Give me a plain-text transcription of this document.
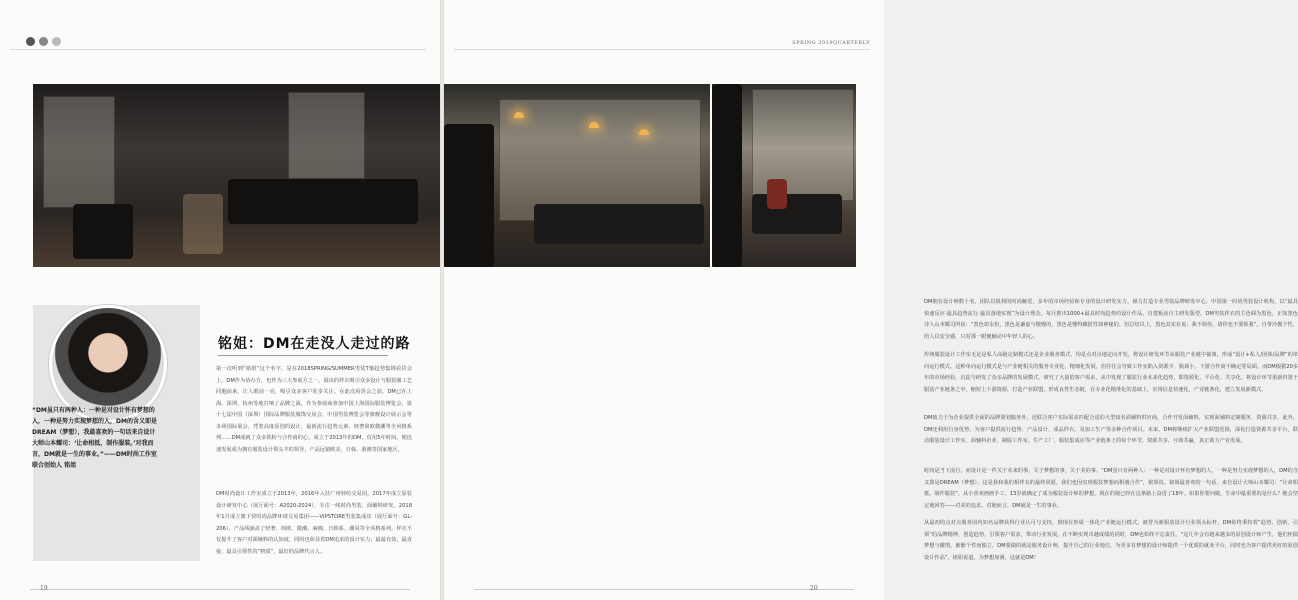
“DM虽只有两种人：一种是对设计怀有梦想的人，一种是努力实现梦想的人，DM的含义即是DREAM（梦想），我最喜欢的一句话来自设计大师山本耀司：‘让命相抵，制作服装。’对我而言，DM就是一生的事业。”——DM时尚工作室联合创始人 铭姐
铭姐：DM在走没人走过的路

第一次听到“铭姐”这个名字，是在2018SPRING/SUMMER男装T恤趋势集锦看货会上，DM作为协办方，也作为三大参展方之一，展出的样衣吸引众多设计与服装圈工艺同胞前来，让人眼前一亮，吸引众多客户驻步关注。在此次看货会之前，DM已在上海、深圳、杭州等地打响了品牌之战，作为参展商参加中国上海国际服装博览会、第十七届中国（深圳）国际品牌服装服饰交易会、中国男装博览会等旗舰设计展示会等多场国际展会，凭着高度原创的设计，最新流行趋势元素、轻奢简欧微潮等全风格系列……DM成就了众多铁粉与合作商的心，成立于2013年的DM，仅用5年时间，便迅速发展成为拥有服装设计领头羊的领导，产品远销欧美、日韩、港澳等国家地区。

DM时尚设计工作室成立于2013年，2016年入驻广州轻纺交易园，2017年成立原装设计研发中心（展厅面号：A2020-2024），专注一线时尚男装、面辅料研发。2018年1月成立旗下快时尚品牌环球交易集团——VIPSTORE男装集成店（展厅面号：GL-206），产品线涵盖了轻奢、简欧、微潮、麻棉、日韩系、潮风等全风格系列。样衣不仅提升了客户对面辅料的认知度，同时也彰显着DM追求的设计实力，最最有效，最直接，最具引领性的“物质”，最好的品牌代言人。

19
SPRING 2019QUARTERLY

DM拥有设计师数十名，团队以锐利的时尚触觉，多年的市场经验和专业的设计研发实力，倾力打造专业男装品牌研发中心，中国第一时尚男装设计机构，以“最具快速反应·最具趋势流行·最具落地实现”为设计理念，每月推出1000+最具时尚趋势的设计作品，自建板房自主研发版型。DM男装样衣的主色调为黑色，正如黑色诗人山本耀司所说：“黑色却永恒，黑色是谦虚与傲慢的，黑色是懂得藏匿性却神秘的。但总结以上，黑色其实在说：我不烦你，请你也不要烦我”。自带冷傲个性，给人以安全感，只对那一眼便触动中年轻人的心。

传统服装设计工作室无论是私人高级定制模式还是企业服务模式，均是点对点地定向开发，将设计研发环节从服装产业链中抽离，形成“设计+私人/团体/品牌”的单向运行模式。这种单向运行模式是与产业链相关的服务专业化，精细化发展，但往往会导致工作室陷入资源少、瓶颈小，下游合作商不确定等局面。而DM根据20多年的市场经验，沉淀与研发了众多品牌的发展模式，研究了大量的客户需求，从中发现了服装行业未来化趋势，即资源化、平台化、共享化。将设计环节重新归置于服装产业链条之中，缩短上下游资源，打造产业联盟，形成良性生态链，在专业化精准化的基础上，实现信息快速化、产业链条化，建立发展新模式。

DM致力于为企业提供全面的品牌策划服务外，还联合客户实际需求匹配合适的大型知名面辅料供应商，合作开发面辅料，实现面辅料定制服务，资源共享。此外，DM还利用自身优势，为客户提供流行趋势、产品设计、成品样衣、及加工生产等多种合作项目。未来，DM将继续扩大产业联盟范围，深化打造资源共享平台，联动服装设计工作室、面辅料企业、制版工作室、生产工厂、服装集成店等产业链条上的每个环节，资源共享，互助共赢，真正助力产业发展。

时尚是当下流行，而设计是一件关于未来的事，关于梦想的事，关于美的事。“DM虽只有两种人：一种是对设计怀有梦想的人，一种是努力实现梦想的人，DM的含义即是DREAM（梦想），这是我和我的相伴有的最终夙愿，我们也因实现服装梦想而相遇合作”，铭姐说。铭姐最喜欢的一句话，来自设计大师山本耀司：“让命相抵，制作服装”，从小喜欢画画手工，13岁就确定了成为服装设计师的梦想，现在的她已经在这条路上奋进了18年。如果你要问她，生命中最重要的是什么？她会坚定地回答——对美的追求。对她而言，DM就是一生的事业。

从最初的点对点服务国内知名品牌获得行业认可与支持，到现在形成一体化产业链运行模式，被誉为新服装设计行业领头标杆，DM始终秉持着“趋势、创新、引领”的品牌精神，创造趋势，引领客户需求，带动行业发展。在不断实现卓越成绩的同时，DM也始终不忘责任。“这几年会有越来越多的原创设计师产生，他们怀揣梦想与激情，渐渐个性而独立，DM要做的就是服务设计师，提升自己的行业地位，为更多有梦想的设计师提供一个优质的就业平台，同时也为客户提供更好的原创设计作品”，铭姐说道。为梦想加满，这就是DM！

20
